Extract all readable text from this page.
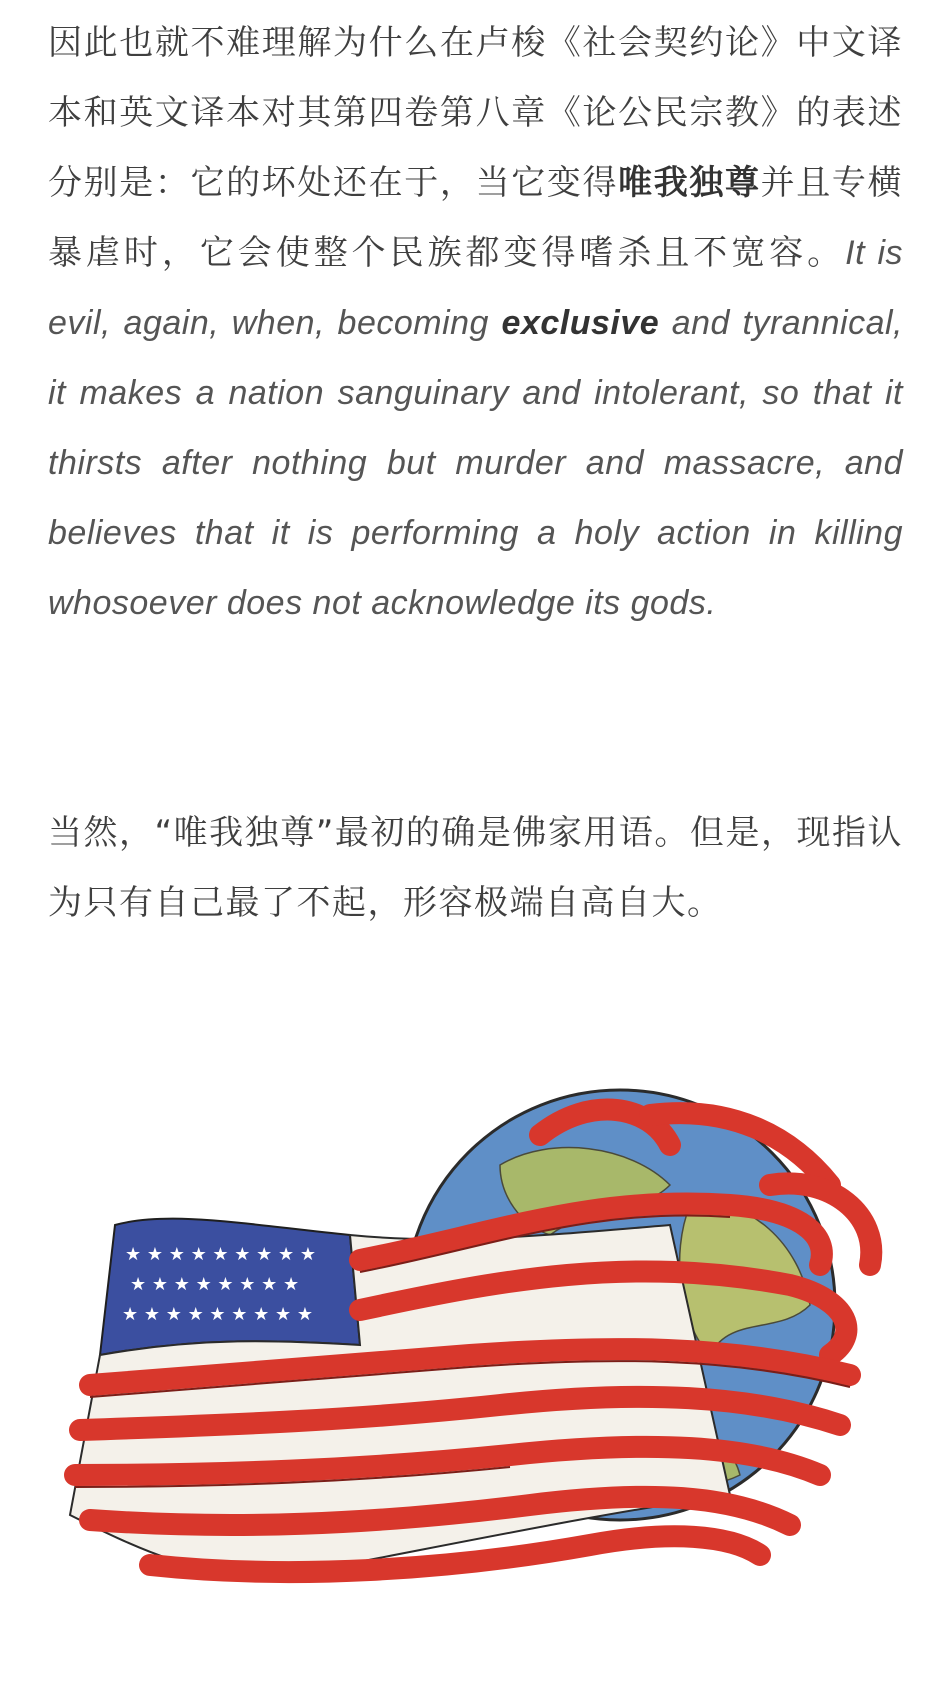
因此也就不难理解为什么在卢梭《社会契约论》中文译本和英文译本对其第四卷第八章《论公民宗教》的表述分别是：它的坏处还在于，当它变得唯我独尊并且专横暴虐时，它会使整个民族都变得嗜杀且不宽容。It is evil, again, when, becoming exclusive and tyrannical, it makes a nation sanguinary and intolerant, so that it thirsts after nothing but murder and massacre, and believes that it is performing a holy action in killing whosoever does not acknowledge its gods.

当然，“唯我独尊”最初的确是佛家用语。但是，现指认为只有自己最了不起，形容极端自高自大。

★ ★ ★ ★ ★ ★ ★ ★ ★
★ ★ ★ ★ ★ ★ ★ ★
★ ★ ★ ★ ★ ★ ★ ★ ★
